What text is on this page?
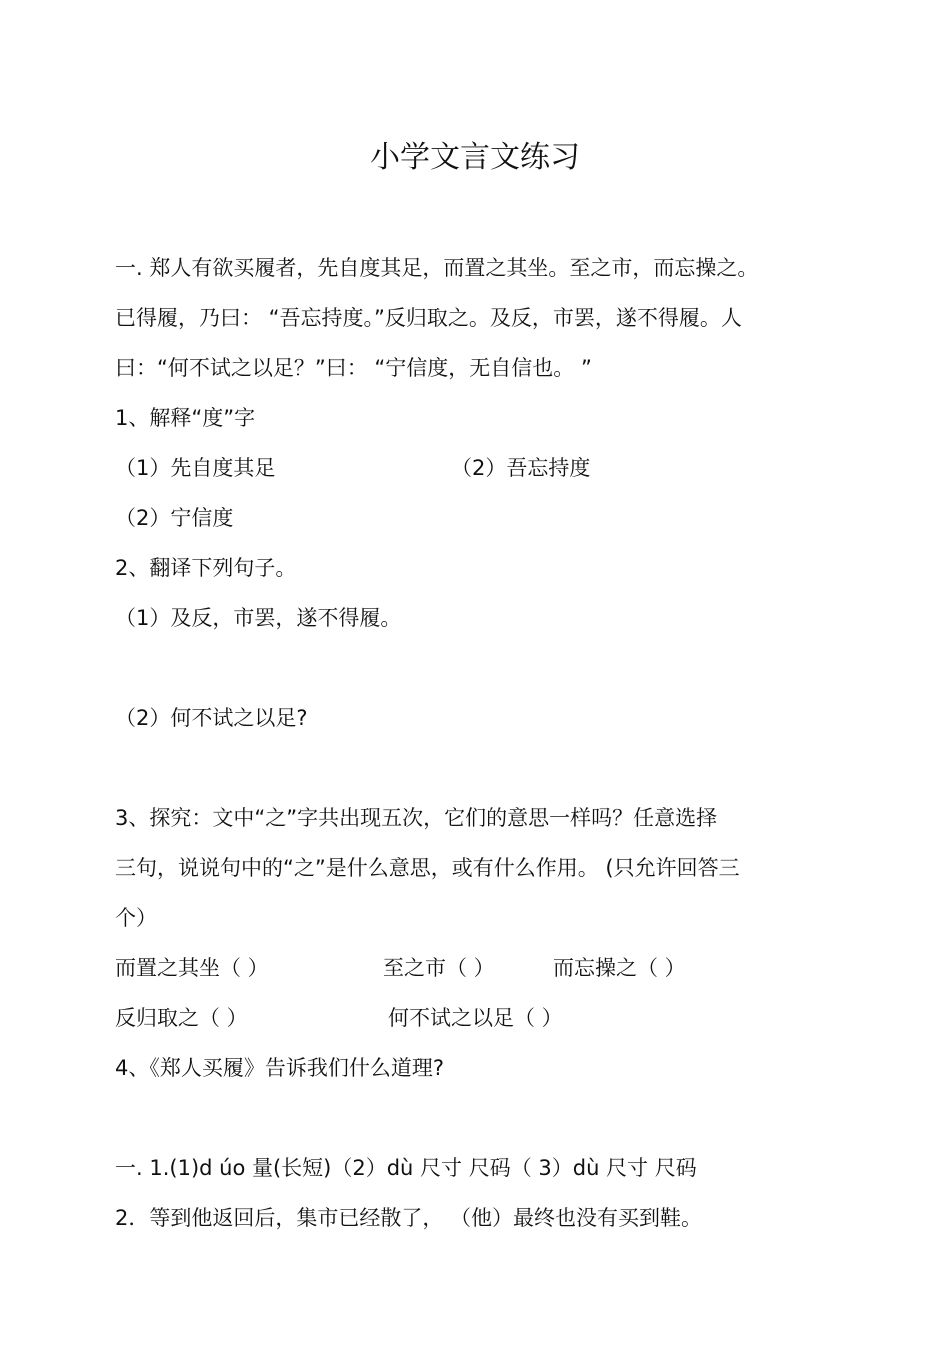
小学文言文练习
一. 郑人有欲买履者，先自度其足，而置之其坐。至之市，而忘操之。
已得履，乃曰： “吾忘持度。”反归取之。及反，市罢，遂不得履。人
曰：“何不试之以足？”曰： “宁信度，无自信也。 ”
1、解释“度”字
（1）先自度其足	（2）吾忘持度
（2）宁信度
2、翻译下列句子。
（1）及反，市罢，遂不得履。
（2）何不试之以足?
3、探究：文中“之”字共出现五次，它们的意思一样吗？任意选择
三句，说说句中的“之”是什么意思，或有什么作用。 (只允许回答三
个）
而置之其坐（ ）	至之市（ ）	而忘操之（ ）
反归取之（ ）	何不试之以足（ ）
4、《郑人买履》告诉我们什么道理?
一. 1.(1)d úo 量(长短)（2）dù 尺寸 尺码（ 3）dù 尺寸 尺码
2．等到他返回后，集市已经散了， （他）最终也没有买到鞋。
